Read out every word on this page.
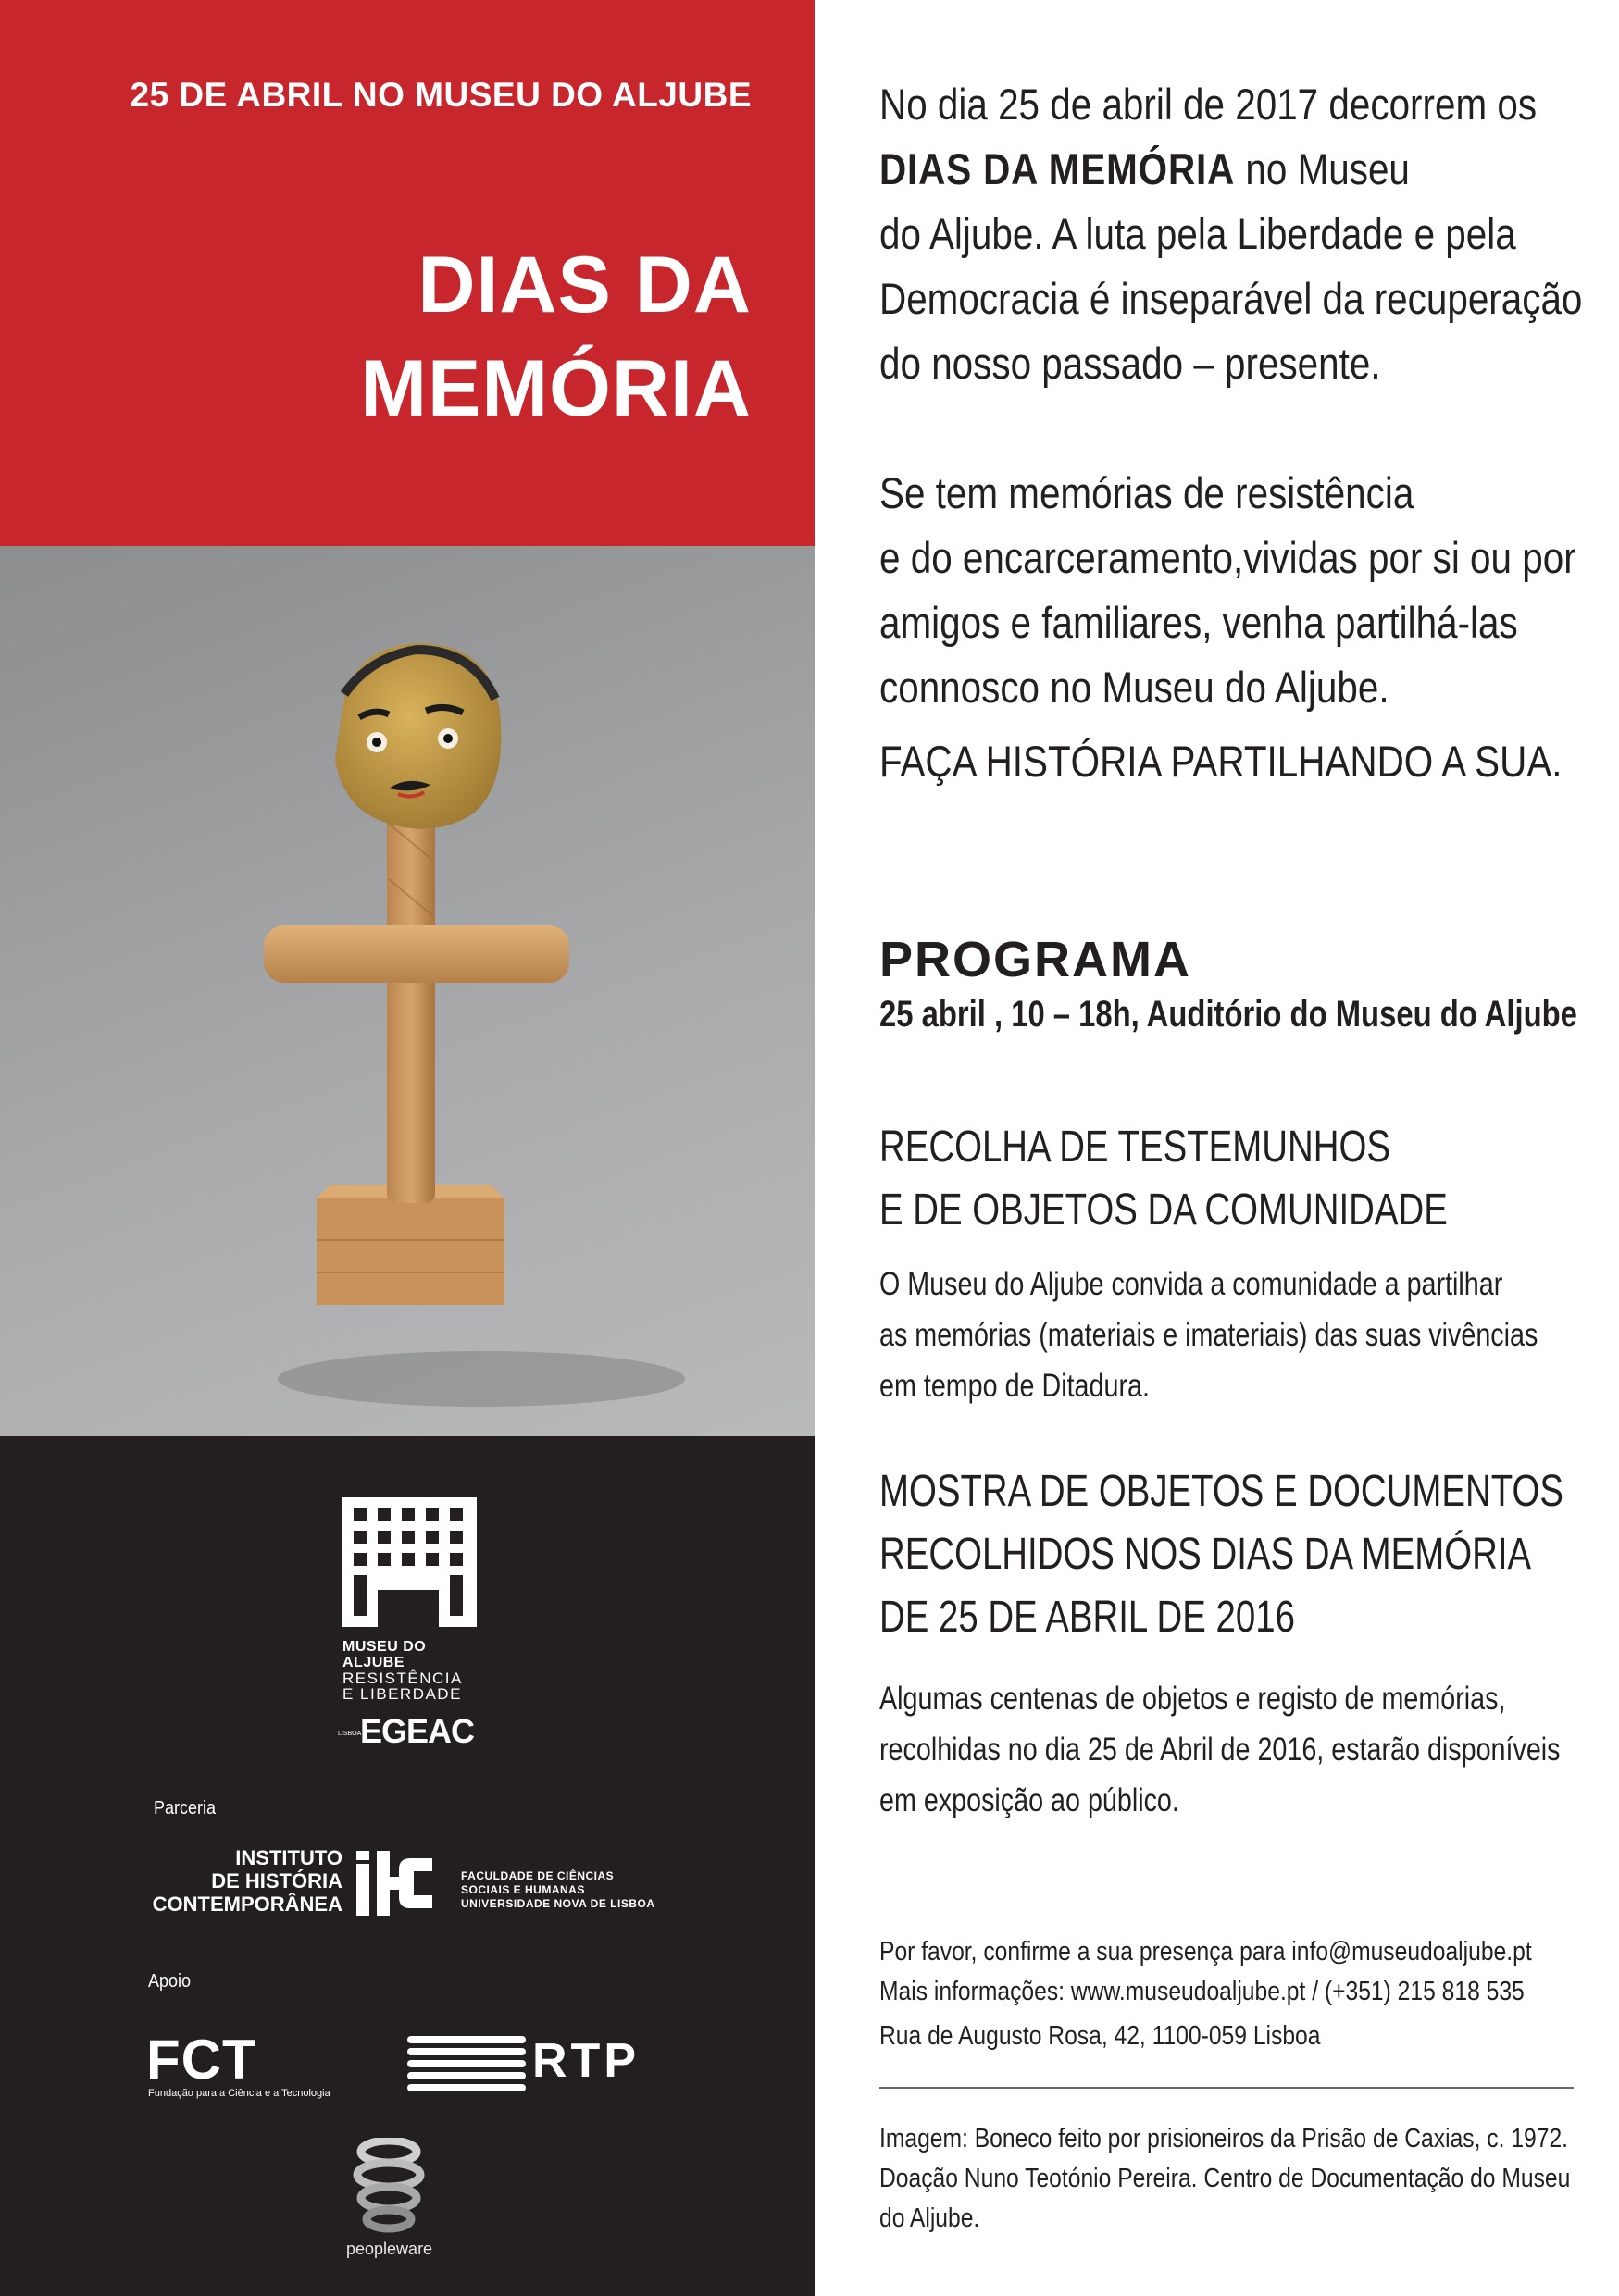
25 DE ABRIL NO MUSEU DO ALJUBE
DIAS DA
MEMÓRIA
MUSEU DO ALJUBE
RESISTÊNCIA
E LIBERDADE
LISBOAEGEAC
Parceria
INSTITUTO
DE HISTÓRIA
CONTEMPORÂNEA
FACULDADE DE CIÊNCIAS
SOCIAIS E HUMANAS
UNIVERSIDADE NOVA DE LISBOA
Apoio
FCT
Fundação para a Ciência e a Tecnologia
RTP
peopleware
No dia 25 de abril de 2017 decorrem os
DIAS DA MEMÓRIA no Museu
do Aljube. A luta pela Liberdade e pela
Democracia é inseparável da recuperação
do nosso passado – presente.
Se tem memórias de resistência
e do encarceramento,vividas por si ou por
amigos e familiares, venha partilhá-las
connosco no Museu do Aljube.
FAÇA HISTÓRIA PARTILHANDO A SUA.
PROGRAMA
25 abril , 10 – 18h, Auditório do Museu do Aljube
RECOLHA DE TESTEMUNHOS
E DE OBJETOS DA COMUNIDADE
O Museu do Aljube convida a comunidade a partilhar
as memórias (materiais e imateriais) das suas vivências
em tempo de Ditadura.
MOSTRA DE OBJETOS E DOCUMENTOS
RECOLHIDOS NOS DIAS DA MEMÓRIA
DE 25 DE ABRIL DE 2016
Algumas centenas de objetos e registo de memórias,
recolhidas no dia 25 de Abril de 2016, estarão disponíveis
em exposição ao público.
Por favor, confirme a sua presença para info@museudoaljube.pt
Mais informações: www.museudoaljube.pt / (+351) 215 818 535
Rua de Augusto Rosa, 42, 1100-059 Lisboa
Imagem: Boneco feito por prisioneiros da Prisão de Caxias, c. 1972.
Doação Nuno Teotónio Pereira. Centro de Documentação do Museu
do Aljube.
